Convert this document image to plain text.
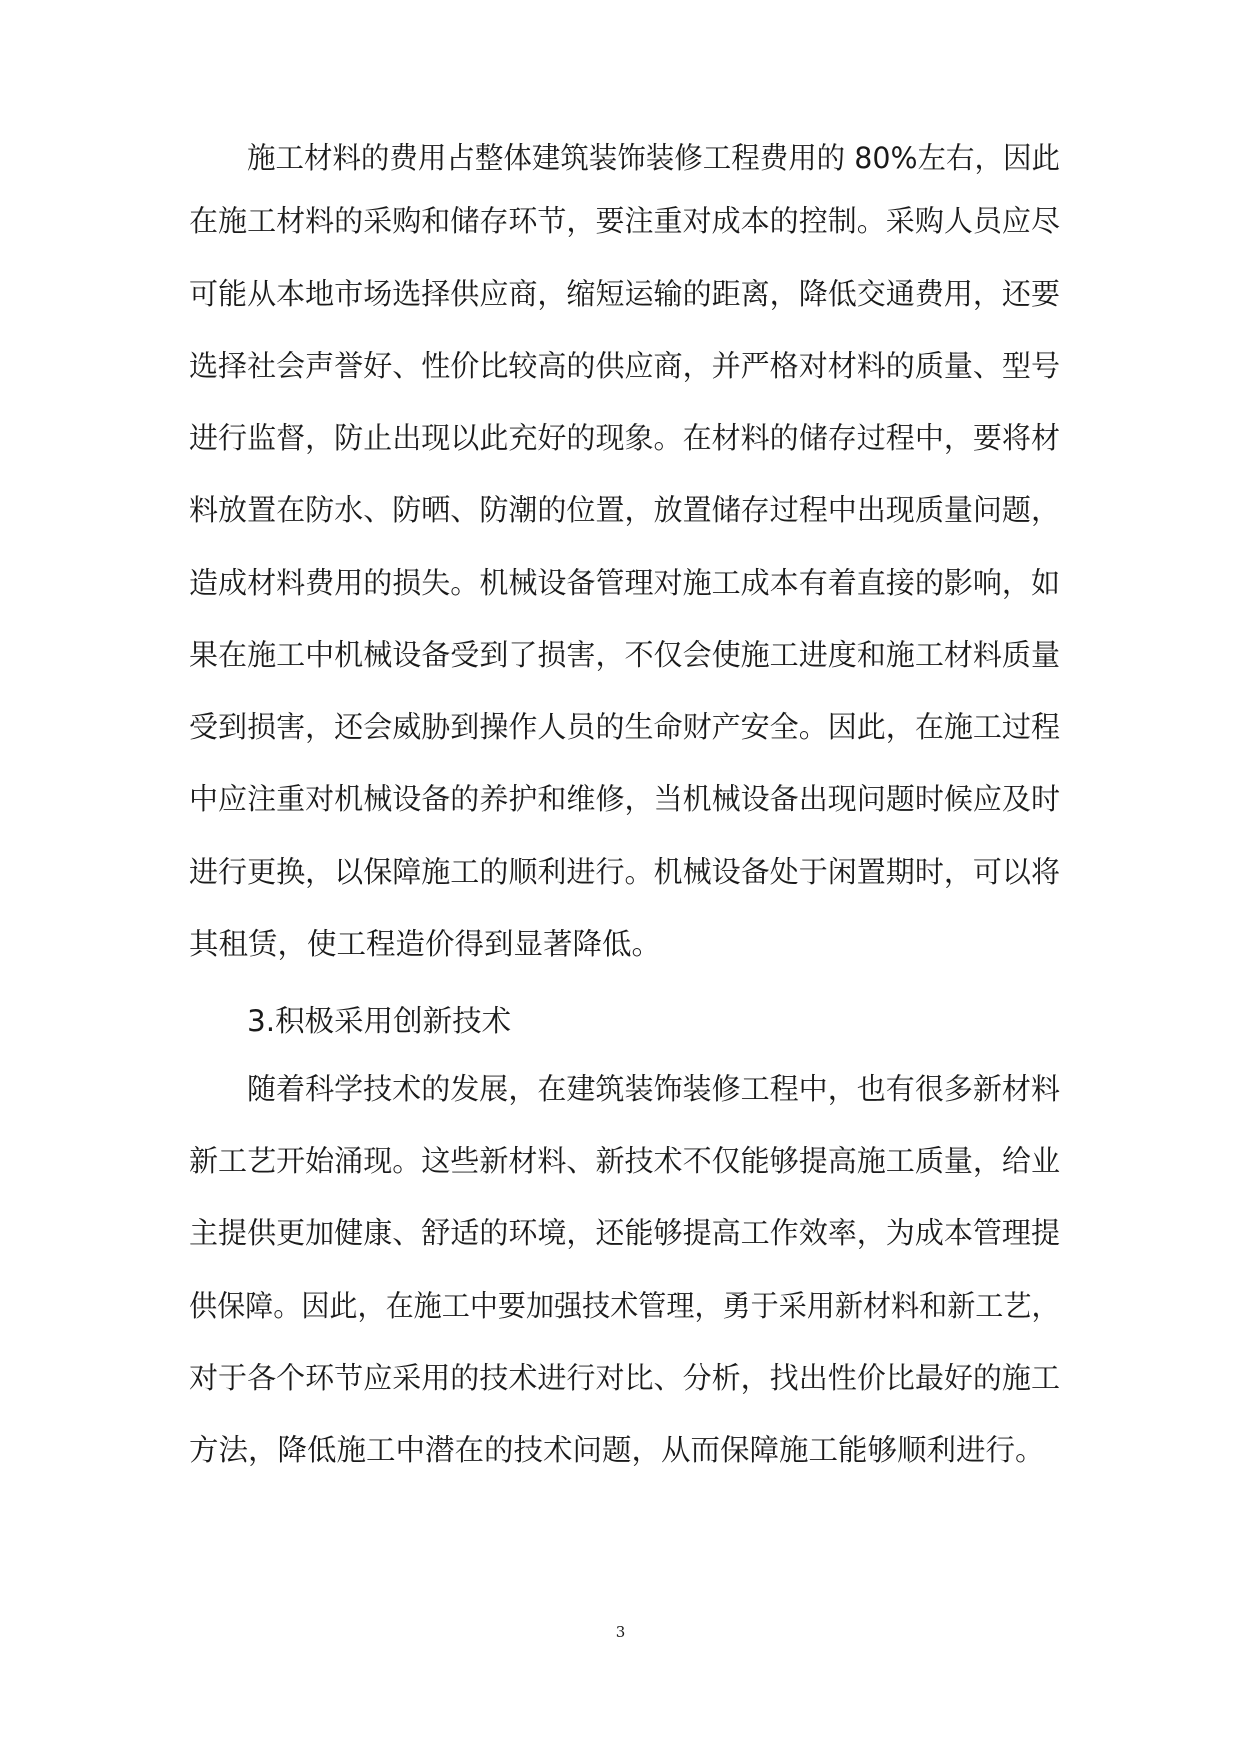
施工材料的费用占整体建筑装饰装修工程费用的 80%左右，因此
在施工材料的采购和储存环节，要注重对成本的控制。采购人员应尽
可能从本地市场选择供应商，缩短运输的距离，降低交通费用，还要
选择社会声誉好、性价比较高的供应商，并严格对材料的质量、型号
进行监督，防止出现以此充好的现象。在材料的储存过程中，要将材
料放置在防水、防晒、防潮的位置，放置储存过程中出现质量问题，
造成材料费用的损失。机械设备管理对施工成本有着直接的影响，如
果在施工中机械设备受到了损害，不仅会使施工进度和施工材料质量
受到损害，还会威胁到操作人员的生命财产安全。因此，在施工过程
中应注重对机械设备的养护和维修，当机械设备出现问题时候应及时
进行更换，以保障施工的顺利进行。机械设备处于闲置期时，可以将
其租赁，使工程造价得到显著降低。
3.积极采用创新技术
随着科学技术的发展，在建筑装饰装修工程中，也有很多新材料
新工艺开始涌现。这些新材料、新技术不仅能够提高施工质量，给业
主提供更加健康、舒适的环境，还能够提高工作效率，为成本管理提
供保障。因此，在施工中要加强技术管理，勇于采用新材料和新工艺，
对于各个环节应采用的技术进行对比、分析，找出性价比最好的施工
方法，降低施工中潜在的技术问题，从而保障施工能够顺利进行。
3
